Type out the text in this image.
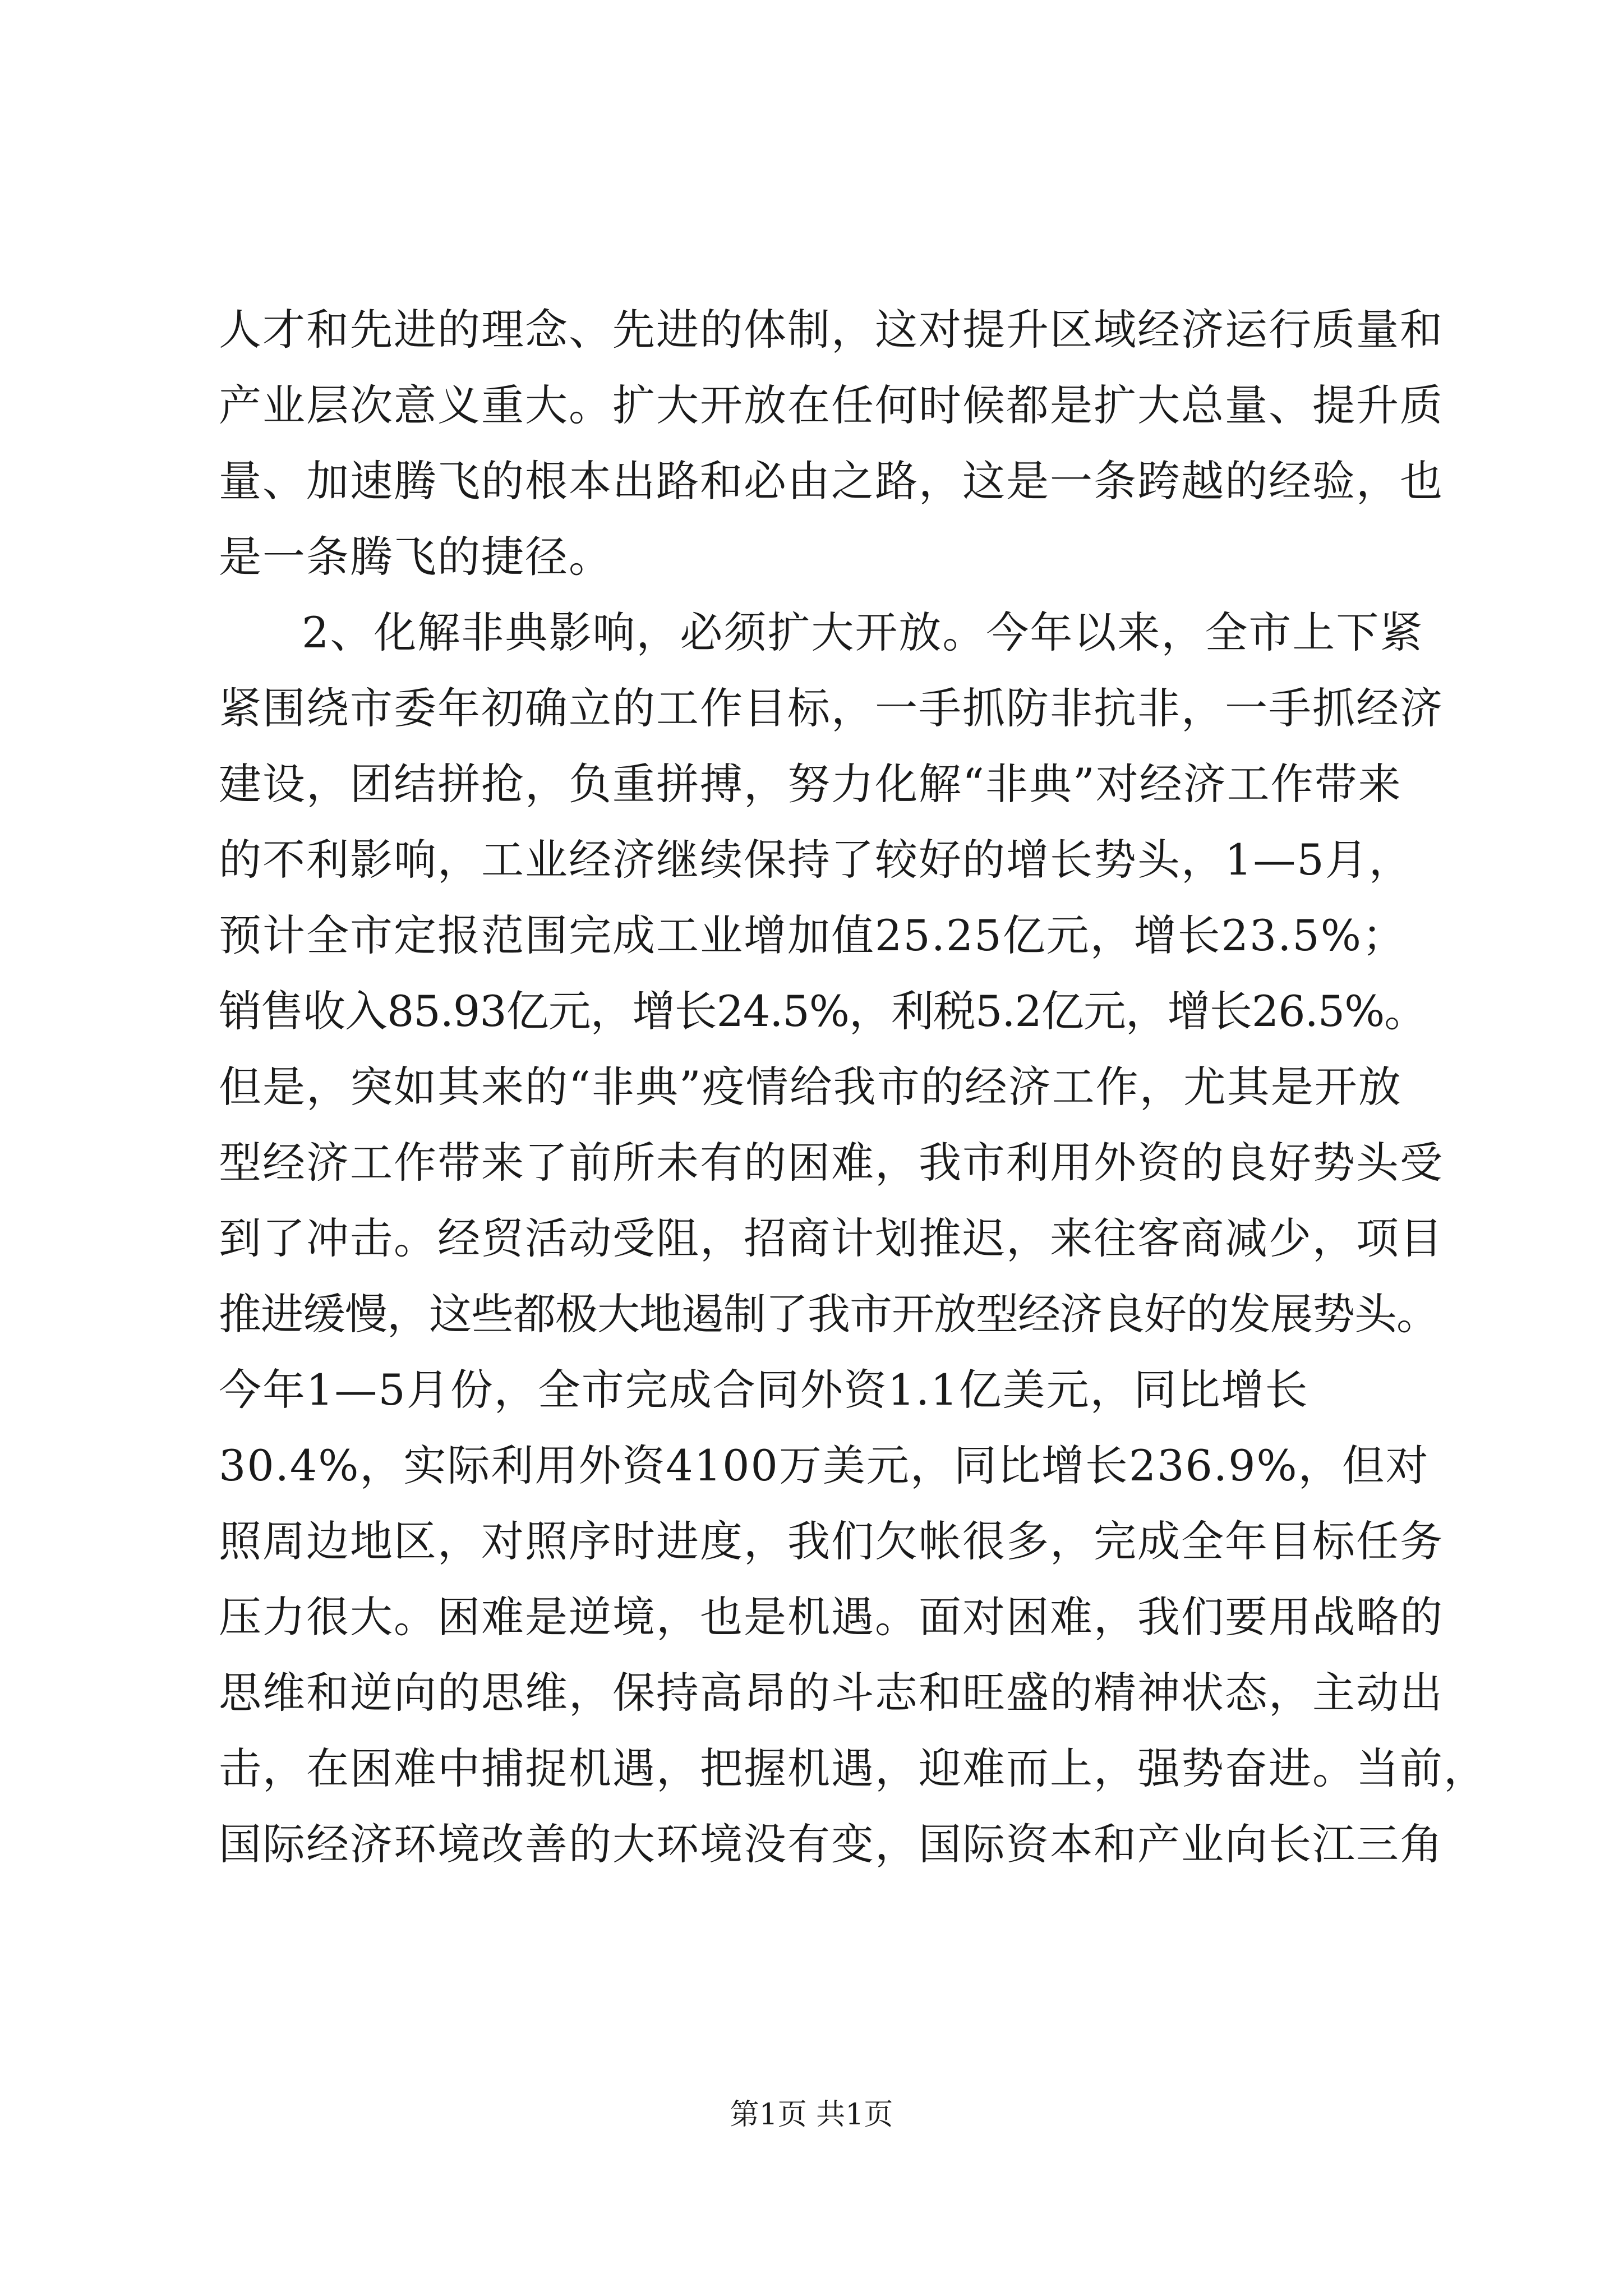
人才和先进的理念、先进的体制，这对提升区域经济运行质量和
产业层次意义重大。扩大开放在任何时候都是扩大总量、提升质
量、加速腾飞的根本出路和必由之路，这是一条跨越的经验，也
是一条腾飞的捷径。
2、化解非典影响，必须扩大开放。今年以来，全市上下紧
紧围绕市委年初确立的工作目标，一手抓防非抗非，一手抓经济
建设，团结拼抢，负重拼搏，努力化解“非典”对经济工作带来
的不利影响，工业经济继续保持了较好的增长势头，1—5月，
预计全市定报范围完成工业增加值25.25亿元，增长23.5%；
销售收入85.93亿元，增长24.5%，利税5.2亿元，增长26.5%。
但是，突如其来的“非典”疫情给我市的经济工作，尤其是开放
型经济工作带来了前所未有的困难，我市利用外资的良好势头受
到了冲击。经贸活动受阻，招商计划推迟，来往客商减少，项目
推进缓慢，这些都极大地遏制了我市开放型经济良好的发展势头。
今年1—5月份，全市完成合同外资1.1亿美元，同比增长
30.4%，实际利用外资4100万美元，同比增长236.9%，但对
照周边地区，对照序时进度，我们欠帐很多，完成全年目标任务
压力很大。困难是逆境，也是机遇。面对困难，我们要用战略的
思维和逆向的思维，保持高昂的斗志和旺盛的精神状态，主动出
击，在困难中捕捉机遇，把握机遇，迎难而上，强势奋进。当前，
国际经济环境改善的大环境没有变，国际资本和产业向长江三角
第1页 共1页
